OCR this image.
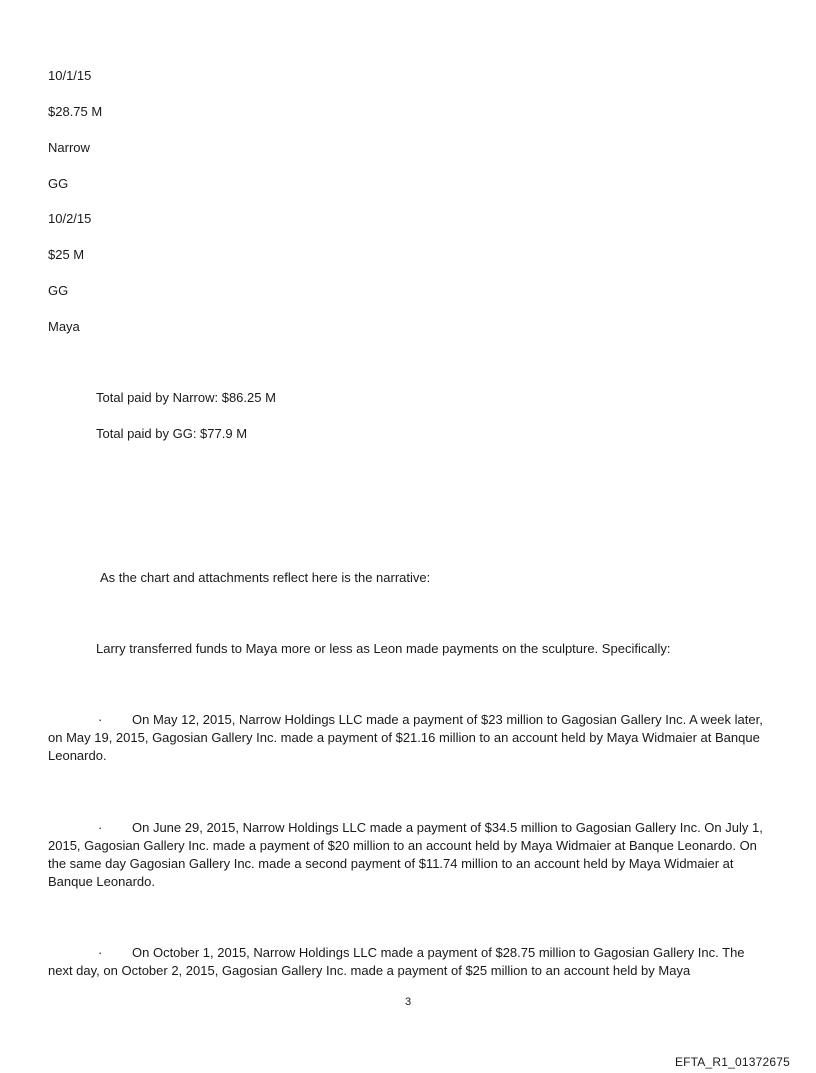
10/1/15
$28.75 M
Narrow
GG
10/2/15
$25 M
GG
Maya
Total paid by Narrow: $86.25 M
Total paid by GG: $77.9 M
As the chart and attachments reflect here is the narrative:
Larry transferred funds to Maya more or less as Leon made payments on the sculpture. Specifically:
· On May 12, 2015, Narrow Holdings LLC made a payment of $23 million to Gagosian Gallery Inc. A week later, on May 19, 2015, Gagosian Gallery Inc. made a payment of $21.16 million to an account held by Maya Widmaier at Banque Leonardo.
· On June 29, 2015, Narrow Holdings LLC made a payment of $34.5 million to Gagosian Gallery Inc. On July 1, 2015, Gagosian Gallery Inc. made a payment of $20 million to an account held by Maya Widmaier at Banque Leonardo. On the same day Gagosian Gallery Inc. made a second payment of $11.74 million to an account held by Maya Widmaier at Banque Leonardo.
· On October 1, 2015, Narrow Holdings LLC made a payment of $28.75 million to Gagosian Gallery Inc. The next day, on October 2, 2015, Gagosian Gallery Inc. made a payment of $25 million to an account held by Maya
3
EFTA_R1_01372675
